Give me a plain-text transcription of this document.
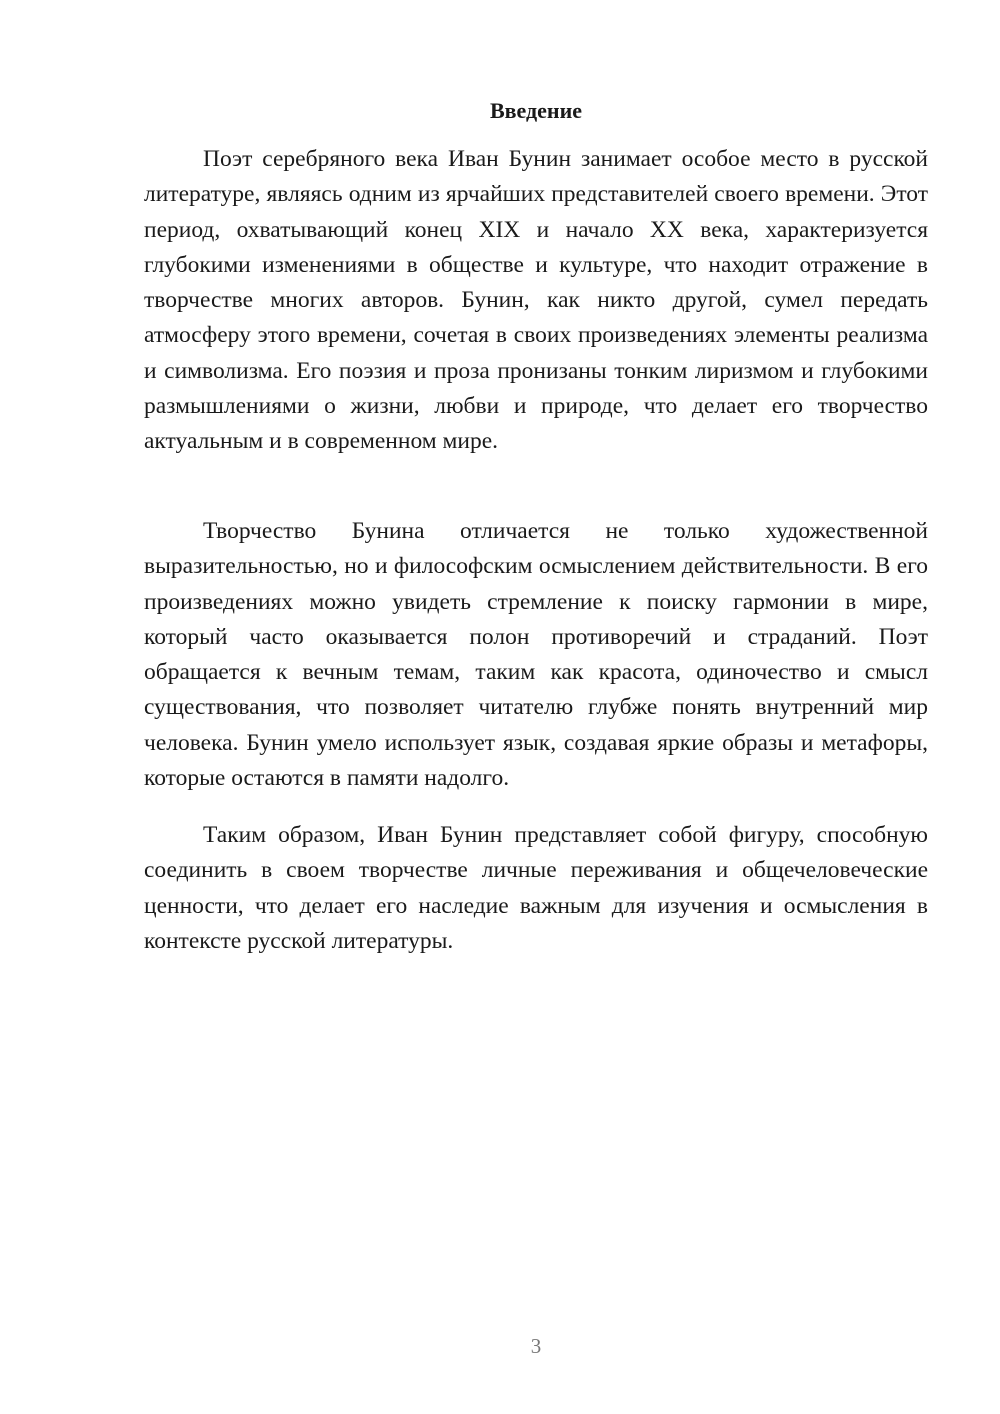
Введение

Поэт серебряного века Иван Бунин занимает особое место в русской литературе, являясь одним из ярчайших представителей своего времени. Этот период, охватывающий конец XIX и начало XX века, характеризуется глубокими изменениями в обществе и культуре, что находит отражение в творчестве многих авторов. Бунин, как никто другой, сумел передать атмосферу этого времени, сочетая в своих произведениях элементы реализма и символизма. Его поэзия и проза пронизаны тонким лиризмом и глубокими размышлениями о жизни, любви и природе, что делает его творчество актуальным и в современном мире.

Творчество Бунина отличается не только художественной выразительностью, но и философским осмыслением действительности. В его произведениях можно увидеть стремление к поиску гармонии в мире, который часто оказывается полон противоречий и страданий. Поэт обращается к вечным темам, таким как красота, одиночество и смысл существования, что позволяет читателю глубже понять внутренний мир человека. Бунин умело использует язык, создавая яркие образы и метафоры, которые остаются в памяти надолго.

Таким образом, Иван Бунин представляет собой фигуру, способную соединить в своем творчестве личные переживания и общечеловеческие ценности, что делает его наследие важным для изучения и осмысления в контексте русской литературы.

3
